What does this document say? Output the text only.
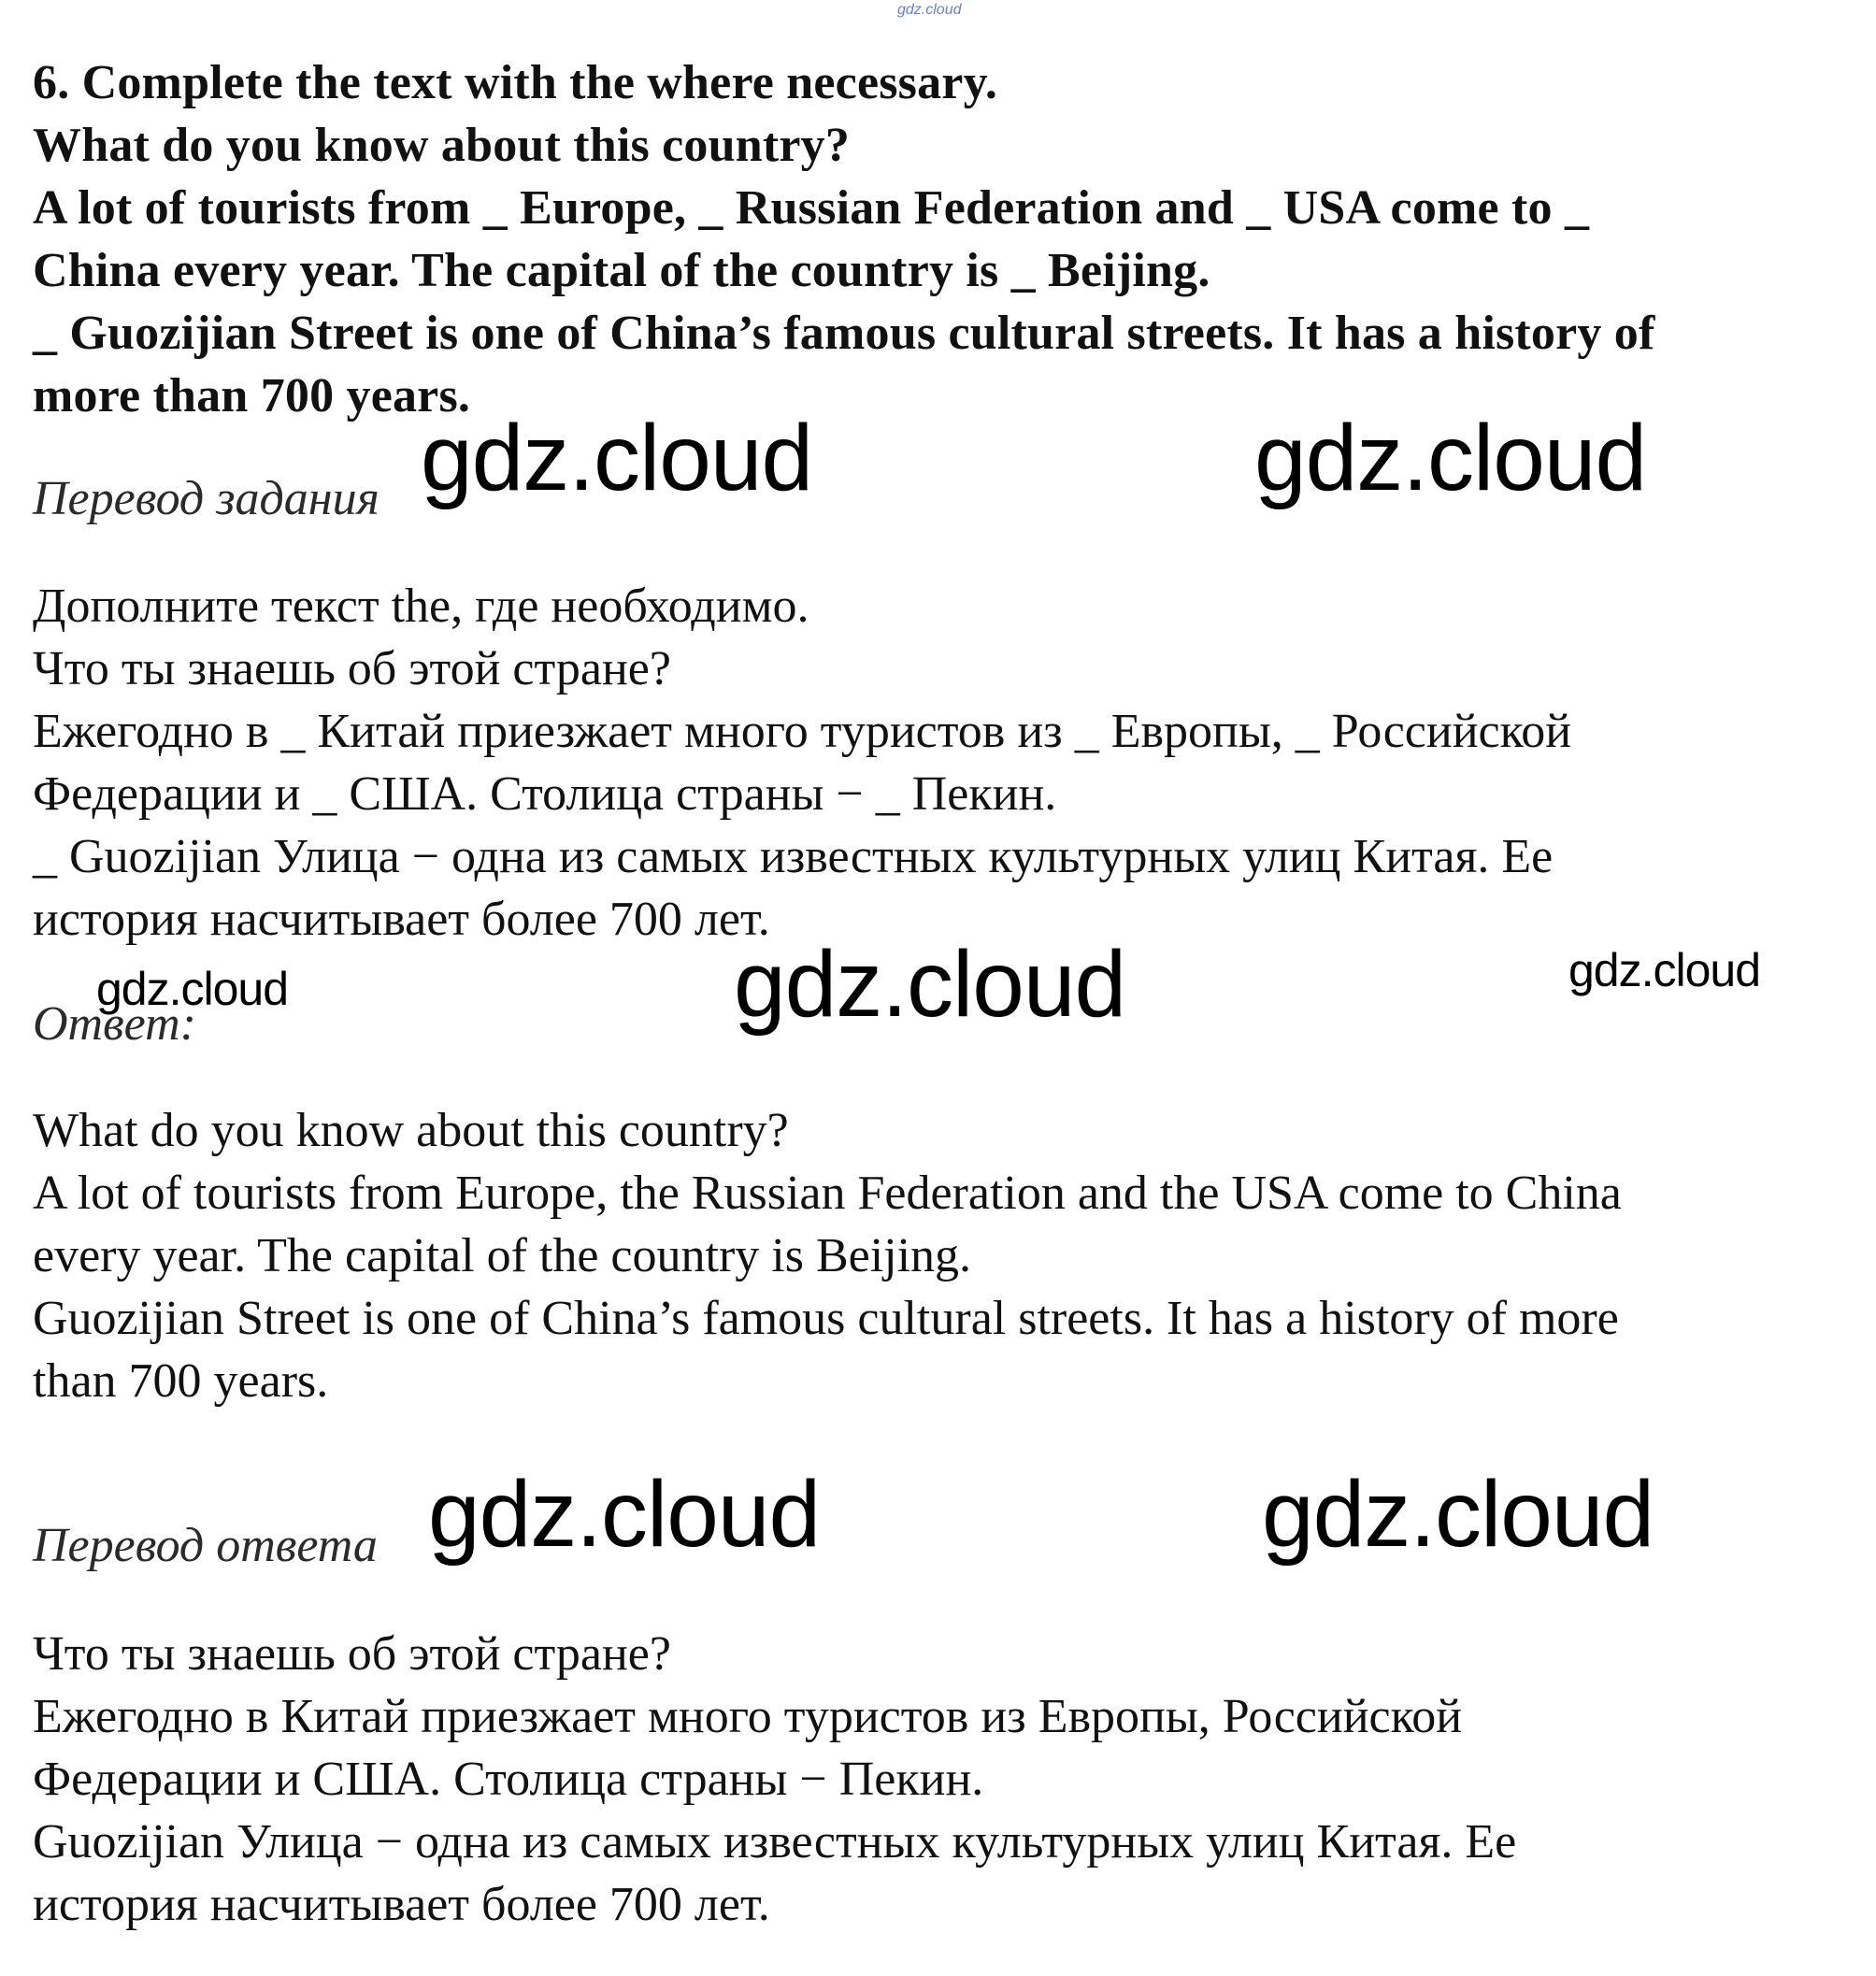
gdz.cloud
6. Complete the text with the where necessary.
What do you know about this country?
A lot of tourists from _ Europe, _ Russian Federation and _ USA come to _
China every year. The capital of the country is _ Beijing.
_ Guozijian Street is one of China’s famous cultural streets. It has a history of
more than 700 years.
Перевод задания
Дополните текст the, где необходимо.
Что ты знаешь об этой стране?
Ежегодно в _ Китай приезжает много туристов из _ Европы, _ Российской
Федерации и _ США. Столица страны − _ Пекин.
_ Guozijian Улица − одна из самых известных культурных улиц Китая. Ее
история насчитывает более 700 лет.
Ответ:
What do you know about this country?
A lot of tourists from Europe, the Russian Federation and the USA come to China
every year. The capital of the country is Beijing.
Guozijian Street is one of China’s famous cultural streets. It has a history of more
than 700 years.
Перевод ответа
Что ты знаешь об этой стране?
Ежегодно в Китай приезжает много туристов из Европы, Российской
Федерации и США. Столица страны − Пекин.
Guozijian Улица − одна из самых известных культурных улиц Китая. Ее
история насчитывает более 700 лет.
gdz.cloud	gdz.cloud
gdz.cloud	gdz.cloud	gdz.cloud
gdz.cloud	gdz.cloud
